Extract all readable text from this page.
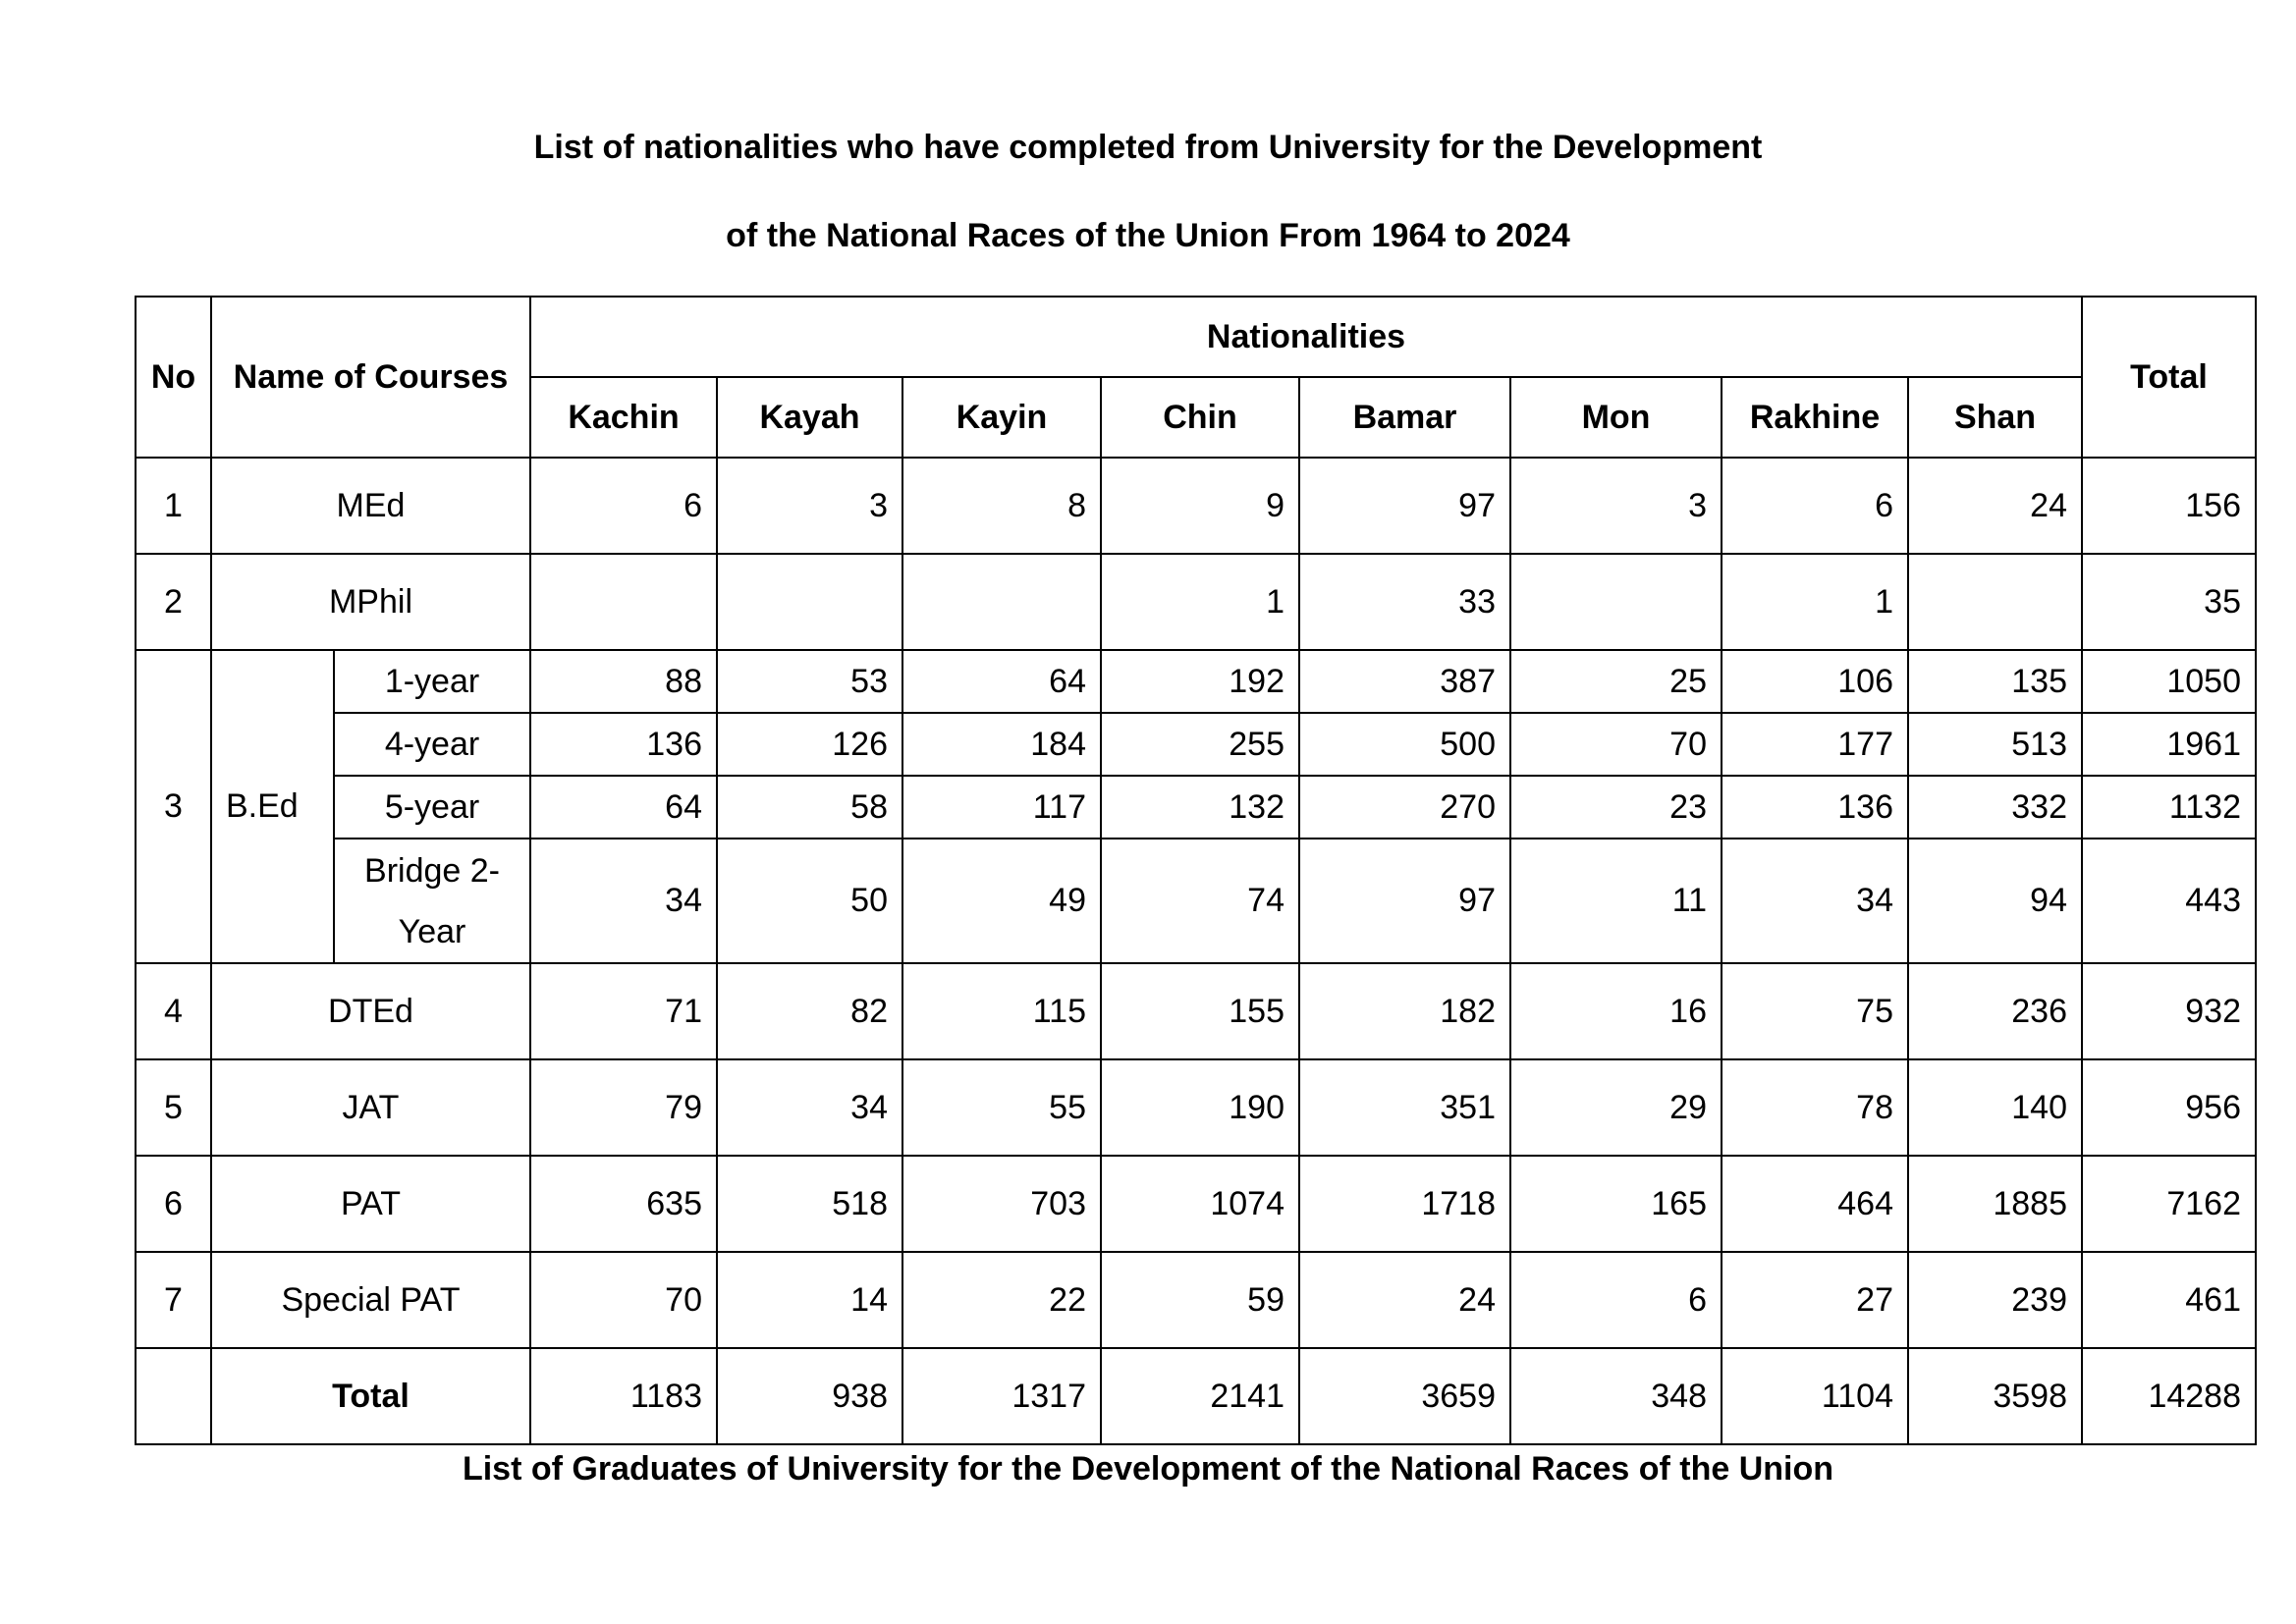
List of nationalities who have completed from University for the Development
of the National Races of the Union From 1964 to 2024
No	Name of Courses		Nationalities								Total
			Kachin	Kayah	Kayin	Chin	Bamar	Mon	Rakhine	Shan	
1	MEd		6	3	8	9	97	3	6	24	156
2	MPhil					1	33		1		35
3	B.Ed	1-year	88	53	64	192	387	25	106	135	1050
		4-year	136	126	184	255	500	70	177	513	1961
		5-year	64	58	117	132	270	23	136	332	1132
		Bridge 2-Year	34	50	49	74	97	11	34	94	443
4	DTEd		71	82	115	155	182	16	75	236	932
5	JAT		79	34	55	190	351	29	78	140	956
6	PAT		635	518	703	1074	1718	165	464	1885	7162
7	Special PAT		70	14	22	59	24	6	27	239	461
	Total		1183	938	1317	2141	3659	348	1104	3598	14288
List of Graduates of University for the Development of the National Races of the Union
